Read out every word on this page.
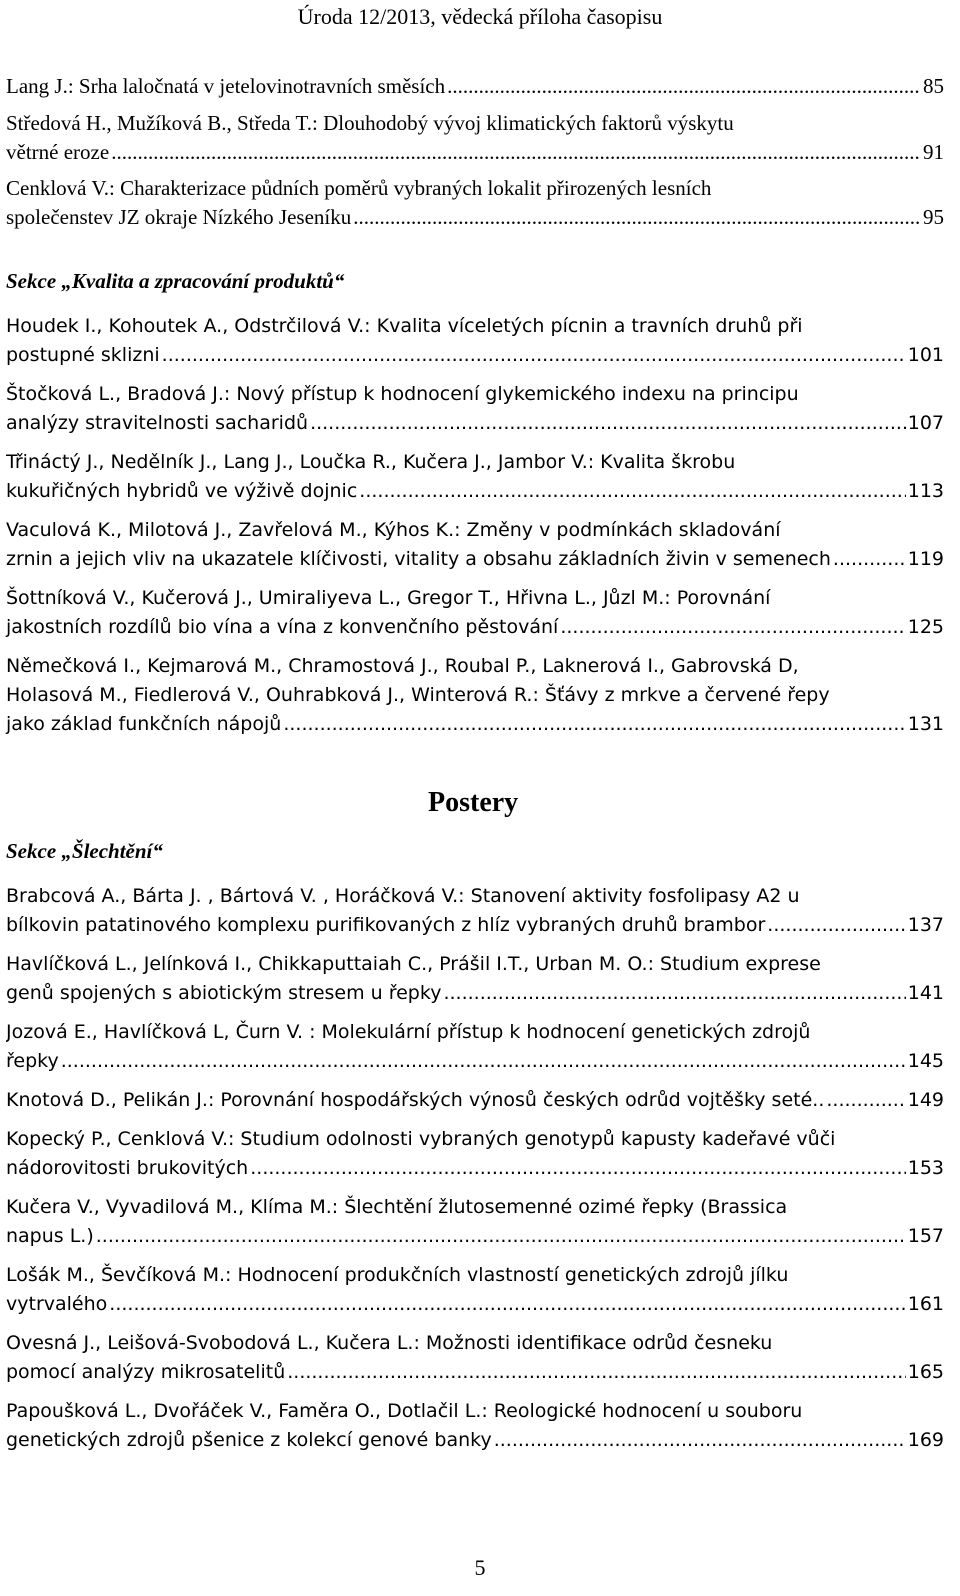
Úroda 12/2013, vědecká příloha časopisu
Lang J.: Srha laločnatá v jetelovinotravních směsích .....	85
Středová H., Mužíková B., Středa T.: Dlouhodobý vývoj klimatických faktorů výskytu
větrné eroze .....	91
Cenklová V.: Charakterizace půdních poměrů vybraných lokalit přirozených lesních
společenstev JZ okraje Nízkého Jeseníku .....	95
Sekce „Kvalita a zpracování produktů“
Houdek I., Kohoutek A., Odstrčilová V.: Kvalita víceletých pícnin a travních druhů při
postupné sklizni .....	101
Štočková L., Bradová J.: Nový přístup k hodnocení glykemického indexu na principu
analýzy stravitelnosti sacharidů .....	107
Třináctý J., Nedělník J., Lang J., Loučka R., Kučera J., Jambor V.: Kvalita škrobu
kukuřičných hybridů ve výživě dojnic .....	113
Vaculová K., Milotová J., Zavřelová M., Kýhos K.: Změny v podmínkách skladování
zrnin a jejich vliv na ukazatele klíčivosti, vitality a obsahu základních živin v semenech .....	119
Šottníková V., Kučerová J., Umiraliyeva L., Gregor T., Hřivna L., Jůzl M.: Porovnání
jakostních rozdílů bio vína a vína z konvenčního pěstování .....	125
Němečková I., Kejmarová M., Chramostová J., Roubal P., Laknerová I., Gabrovská D,
Holasová M., Fiedlerová V., Ouhrabková J., Winterová R.: Šťávy z mrkve a červené řepy
jako základ funkčních nápojů .....	131
Postery
Sekce „Šlechtění“
Brabcová A., Bárta J. , Bártová V. , Horáčková V.: Stanovení aktivity fosfolipasy A2 u
bílkovin patatinového komplexu purifikovaných z hlíz vybraných druhů brambor .....	137
Havlíčková L., Jelínková I., Chikkaputtaiah C., Prášil I.T., Urban M. O.: Studium exprese
genů spojených s abiotickým stresem u řepky .....	141
Jozová E., Havlíčková L, Čurn V. : Molekulární přístup k hodnocení genetických zdrojů
řepky .....	145
Knotová D., Pelikán J.: Porovnání hospodářských výnosů českých odrůd vojtěšky seté.. .....	149
Kopecký P., Cenklová V.: Studium odolnosti vybraných genotypů kapusty kadeřavé vůči
nádorovitosti brukovitých .....	153
Kučera V., Vyvadilová M., Klíma M.: Šlechtění žlutosemenné ozimé řepky (Brassica
napus L.) .....	157
Lošák M., Ševčíková M.: Hodnocení produkčních vlastností genetických zdrojů jílku
vytrvalého .....	161
Ovesná J., Leišová-Svobodová L., Kučera L.: Možnosti identifikace odrůd česneku
pomocí analýzy mikrosatelitů .....	165
Papoušková L., Dvořáček V., Faměra O., Dotlačil L.: Reologické hodnocení u souboru
genetických zdrojů pšenice z kolekcí genové banky .....	169
5
